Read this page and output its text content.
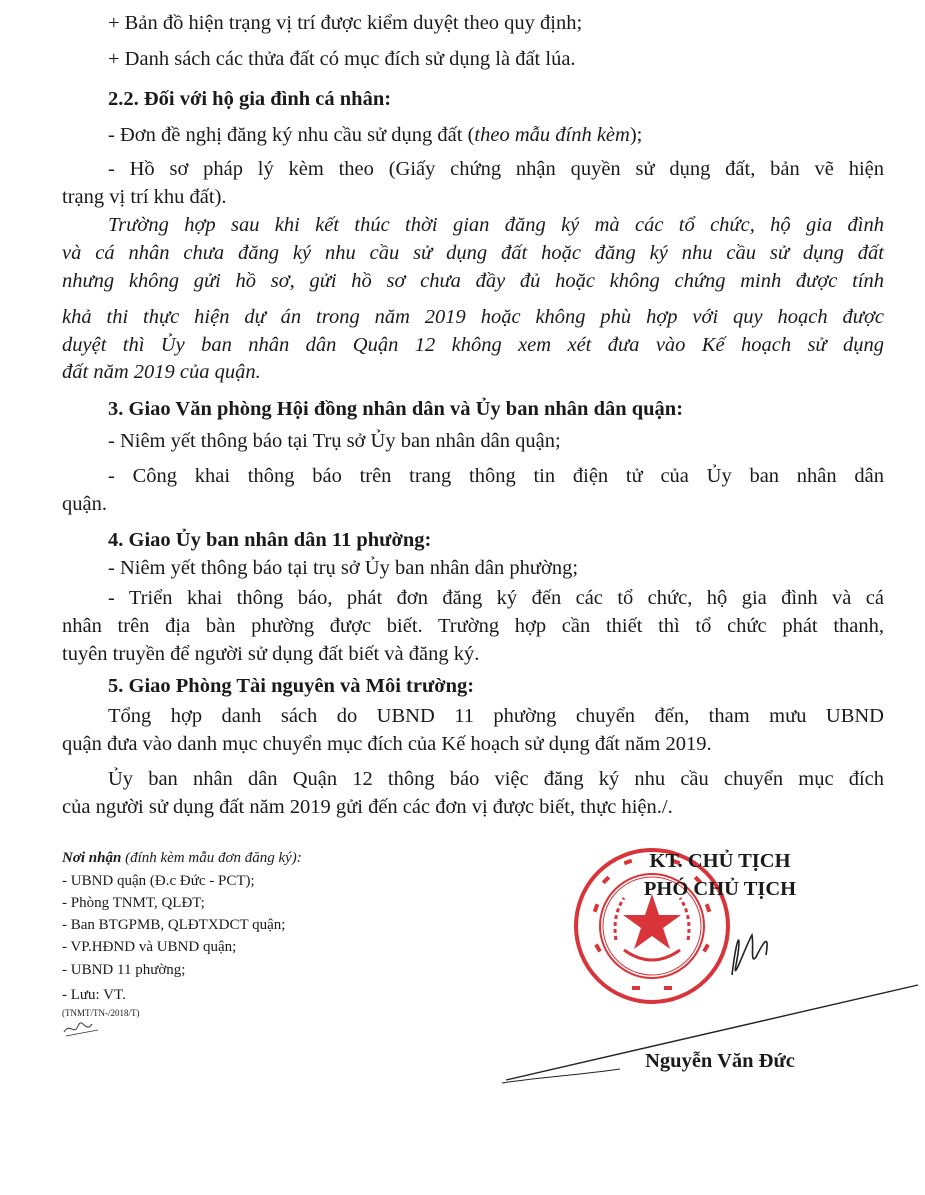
+ Bản đồ hiện trạng vị trí được kiểm duyệt theo quy định;
+ Danh sách các thửa đất có mục đích sử dụng là đất lúa.
2.2. Đối với hộ gia đình cá nhân:
- Đơn đề nghị đăng ký nhu cầu sử dụng đất (theo mẫu đính kèm);
- Hồ sơ pháp lý kèm theo (Giấy chứng nhận quyền sử dụng đất, bản vẽ hiện
trạng vị trí khu đất).
Trường hợp sau khi kết thúc thời gian đăng ký mà các tổ chức, hộ gia đình
và cá nhân chưa đăng ký nhu cầu sử dụng đất hoặc đăng ký nhu cầu sử dụng đất
nhưng không gửi hồ sơ, gửi hồ sơ chưa đầy đủ hoặc không chứng minh được tính
khả thi thực hiện dự án trong năm 2019 hoặc không phù hợp với quy hoạch được
duyệt thì Ủy ban nhân dân Quận 12 không xem xét đưa vào Kế hoạch sử dụng
đất năm 2019 của quận.
3. Giao Văn phòng Hội đồng nhân dân và Ủy ban nhân dân quận:
- Niêm yết thông báo tại Trụ sở Ủy ban nhân dân quận;
- Công khai thông báo trên trang thông tin điện tử của Ủy ban nhân dân
quận.
4. Giao Ủy ban nhân dân 11 phường:
- Niêm yết thông báo tại trụ sở Ủy ban nhân dân phường;
- Triển khai thông báo, phát đơn đăng ký đến các tổ chức, hộ gia đình và cá
nhân trên địa bàn phường được biết. Trường hợp cần thiết thì tổ chức phát thanh,
tuyên truyền để người sử dụng đất biết và đăng ký.
5. Giao Phòng Tài nguyên và Môi trường:
Tổng hợp danh sách do UBND 11 phường chuyển đến, tham mưu UBND
quận đưa vào danh mục chuyển mục đích của Kế hoạch sử dụng đất năm 2019.
Ủy ban nhân dân Quận 12 thông báo việc đăng ký nhu cầu chuyển mục đích
của người sử dụng đất năm 2019 gửi đến các đơn vị được biết, thực hiện./.
Nơi nhận (đính kèm mẫu đơn đăng ký):
- UBND quận (Đ.c Đức - PCT);
- Phòng TNMT, QLĐT;
- Ban BTGPMB, QLĐTXDCT quận;
- VP.HĐND và UBND quận;
- UBND 11 phường;
- Lưu: VT.
(TNMT/TN-/2018/T)
KT. CHỦ TỊCH
PHÓ CHỦ TỊCH
Nguyễn Văn Đức
